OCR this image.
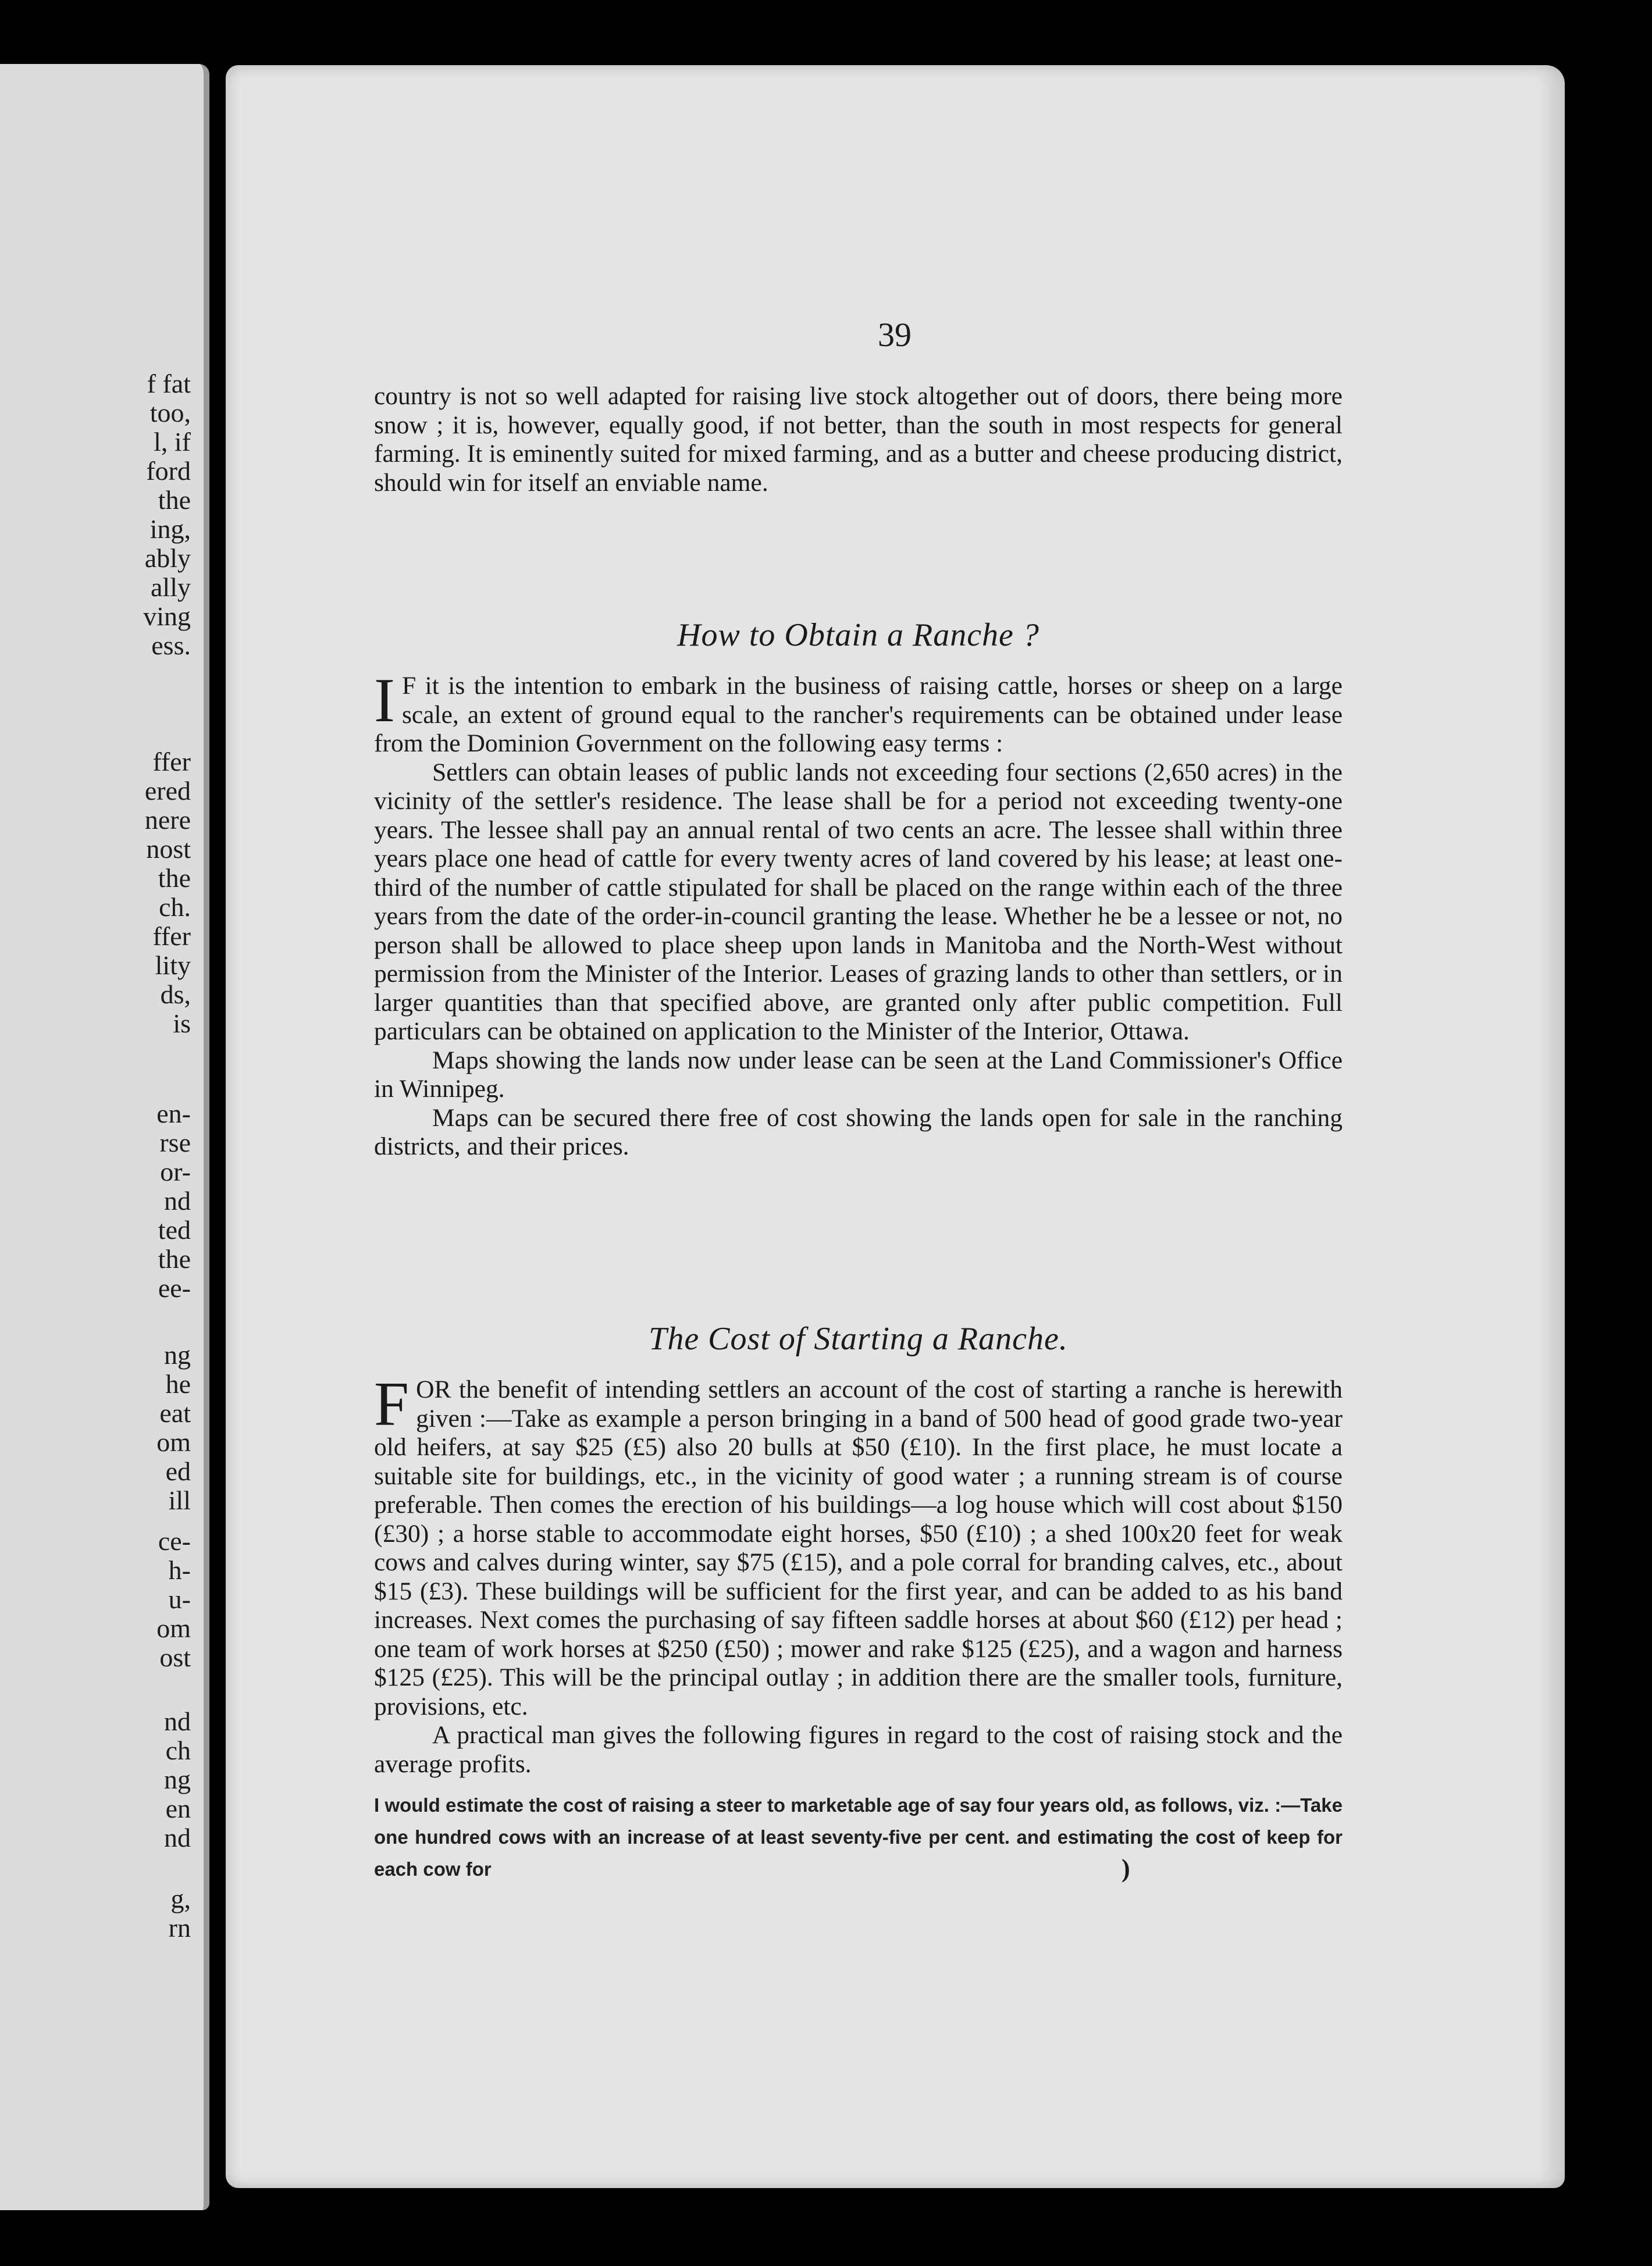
f fat
too,
l, if
ford
the
ing,
ably
ally
ving
ess.
ffer
ered
nere
nost
the
ch.
ffer
lity
ds,
is
en-
rse
or-
nd
ted
the
ee-
ng
he
eat
om
ed
ill
ce-
h-
u-
om
ost
nd
ch
ng
en
nd
g,
rn
39

country is not so well adapted for raising live stock altogether out of doors, there being more snow ; it is, however, equally good, if not better, than the south in most respects for general farming. It is eminently suited for mixed farming, and as a butter and cheese producing district, should win for itself an enviable name.

How to Obtain a Ranche ?

I F it is the intention to embark in the business of raising cattle, horses or sheep on a large scale, an extent of ground equal to the rancher's requirements can be obtained under lease from the Dominion Government on the following easy terms :

Settlers can obtain leases of public lands not exceeding four sections (2,650 acres) in the vicinity of the settler's residence. The lease shall be for a period not exceeding twenty-one years. The lessee shall pay an annual rental of two cents an acre. The lessee shall within three years place one head of cattle for every twenty acres of land covered by his lease; at least one-third of the number of cattle stipulated for shall be placed on the range within each of the three years from the date of the order-in-council granting the lease. Whether he be a lessee or not, no person shall be allowed to place sheep upon lands in Manitoba and the North-West without permission from the Minister of the Interior. Leases of grazing lands to other than settlers, or in larger quantities than that specified above, are granted only after public competition. Full particulars can be obtained on application to the Minister of the Interior, Ottawa.

Maps showing the lands now under lease can be seen at the Land Commissioner's Office in Winnipeg.

Maps can be secured there free of cost showing the lands open for sale in the ranching districts, and their prices.

The Cost of Starting a Ranche.

FOR the benefit of intending settlers an account of the cost of starting a ranche is herewith given :—Take as example a person bringing in a band of 500 head of good grade two-year old heifers, at say $25 (£5) also 20 bulls at $50 (£10). In the first place, he must locate a suitable site for buildings, etc., in the vicinity of good water ; a running stream is of course preferable. Then comes the erection of his buildings—a log house which will cost about $150 (£30) ; a horse stable to accommodate eight horses, $50 (£10) ; a shed 100x20 feet for weak cows and calves during winter, say $75 (£15), and a pole corral for branding calves, etc., about $15 (£3). These buildings will be sufficient for the first year, and can be added to as his band increases. Next comes the purchasing of say fifteen saddle horses at about $60 (£12) per head ; one team of work horses at $250 (£50) ; mower and rake $125 (£25), and a wagon and harness $125 (£25). This will be the principal outlay ; in addition there are the smaller tools, furniture, provisions, etc.

A practical man gives the following figures in regard to the cost of raising stock and the average profits.

I would estimate the cost of raising a steer to marketable age of say four years old, as follows, viz. :—Take one hundred cows with an increase of at least seventy-five per cent. and estimating the cost of keep for each cow for	)
